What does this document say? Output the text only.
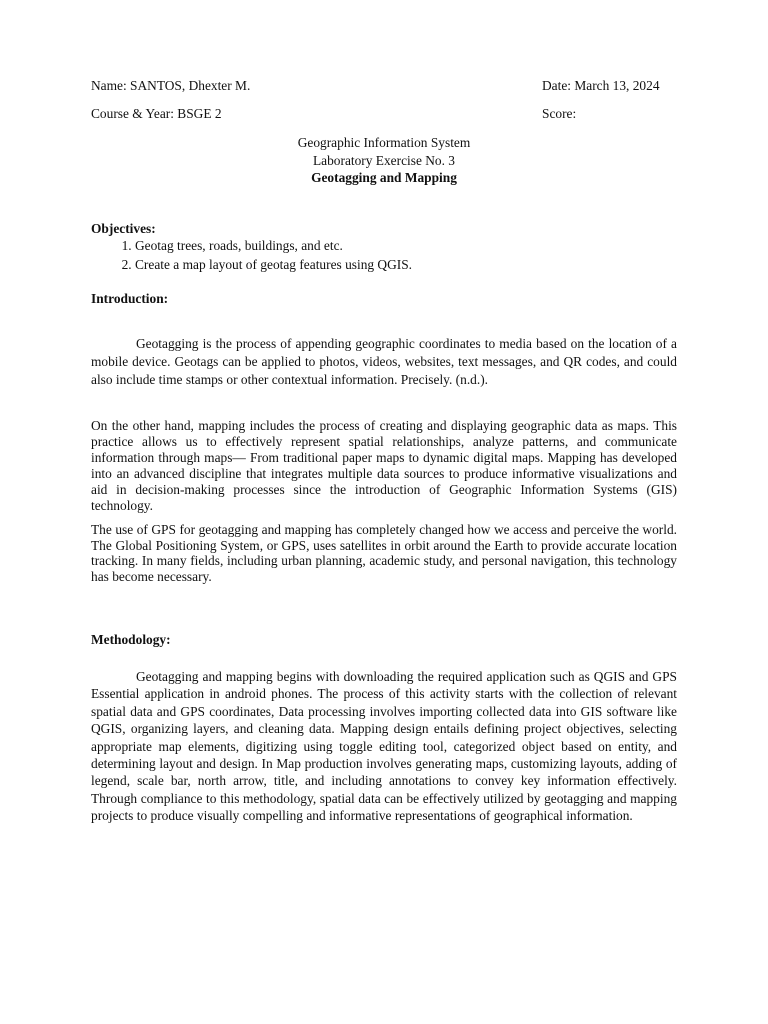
Name: SANTOS, Dhexter M.	Date: March 13, 2024
Course & Year: BSGE 2	Score:
Geographic Information System
Laboratory Exercise No. 3
Geotagging and Mapping
Objectives:
1. Geotag trees, roads, buildings, and etc.
2. Create a map layout of geotag features using QGIS.
Introduction:

Geotagging is the process of appending geographic coordinates to media based on the location of a mobile device. Geotags can be applied to photos, videos, websites, text messages, and QR codes, and could also include time stamps or other contextual information. Precisely. (n.d.).

On the other hand, mapping includes the process of creating and displaying geographic data as maps. This practice allows us to effectively represent spatial relationships, analyze patterns, and communicate information through maps— From traditional paper maps to dynamic digital maps. Mapping has developed into an advanced discipline that integrates multiple data sources to produce informative visualizations and aid in decision-making processes since the introduction of Geographic Information Systems (GIS) technology.

The use of GPS for geotagging and mapping has completely changed how we access and perceive the world. The Global Positioning System, or GPS, uses satellites in orbit around the Earth to provide accurate location tracking. In many fields, including urban planning, academic study, and personal navigation, this technology has become necessary.

Methodology:

Geotagging and mapping begins with downloading the required application such as QGIS and GPS Essential application in android phones. The process of this activity starts with the collection of relevant spatial data and GPS coordinates, Data processing involves importing collected data into GIS software like QGIS, organizing layers, and cleaning data. Mapping design entails defining project objectives, selecting appropriate map elements, digitizing using toggle editing tool, categorized object based on entity, and determining layout and design. In Map production involves generating maps, customizing layouts, adding of legend, scale bar, north arrow, title, and including annotations to convey key information effectively. Through compliance to this methodology, spatial data can be effectively utilized by geotagging and mapping projects to produce visually compelling and informative representations of geographical information.
